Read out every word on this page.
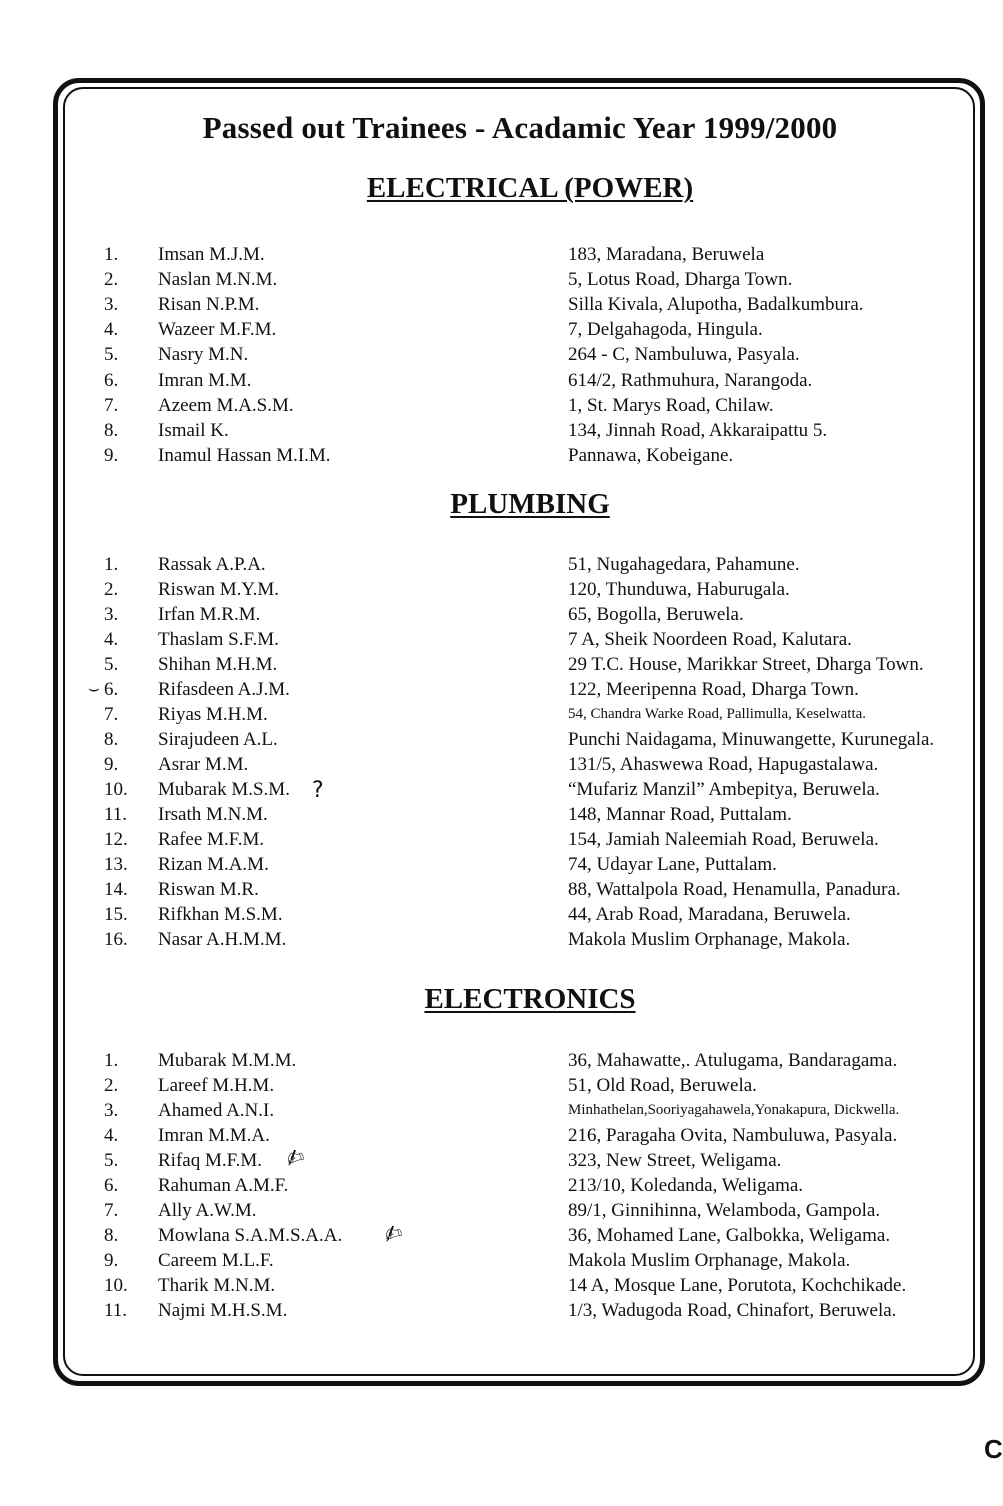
Passed out Trainees - Acadamic Year 1999/2000
ELECTRICAL (POWER)
1.	Imsan M.J.M.	183, Maradana, Beruwela
2.	Naslan M.N.M.	5, Lotus Road, Dharga Town.
3.	Risan N.P.M.	Silla Kivala, Alupotha, Badalkumbura.
4.	Wazeer M.F.M.	7, Delgahagoda, Hingula.
5.	Nasry M.N.	264 - C, Nambuluwa, Pasyala.
6.	Imran M.M.	614/2, Rathmuhura, Narangoda.
7.	Azeem M.A.S.M.	1, St. Marys Road, Chilaw.
8.	Ismail K.	134, Jinnah Road, Akkaraipattu 5.
9.	Inamul Hassan M.I.M.	Pannawa, Kobeigane.
PLUMBING
1.	Rassak A.P.A.	51, Nugahagedara, Pahamune.
2.	Riswan M.Y.M.	120, Thunduwa, Haburugala.
3.	Irfan M.R.M.	65, Bogolla, Beruwela.
4.	Thaslam S.F.M.	7 A, Sheik Noordeen Road, Kalutara.
5.	Shihan M.H.M.	29 T.C. House, Marikkar Street, Dharga Town.
6.	Rifasdeen A.J.M.	122, Meeripenna Road, Dharga Town.
7.	Riyas M.H.M.	54, Chandra Warke Road, Pallimulla, Keselwatta.
8.	Sirajudeen A.L.	Punchi Naidagama, Minuwangette, Kurunegala.
9.	Asrar M.M.	131/5, Ahaswewa Road, Hapugastalawa.
10.	Mubarak M.S.M.	“Mufariz Manzil” Ambepitya, Beruwela.
11.	Irsath M.N.M.	148, Mannar Road, Puttalam.
12.	Rafee M.F.M.	154, Jamiah Naleemiah Road, Beruwela.
13.	Rizan M.A.M.	74, Udayar Lane, Puttalam.
14.	Riswan M.R.	88, Wattalpola Road, Henamulla, Panadura.
15.	Rifkhan M.S.M.	44, Arab Road, Maradana, Beruwela.
16.	Nasar A.H.M.M.	Makola Muslim Orphanage, Makola.
ELECTRONICS
1.	Mubarak M.M.M.	36, Mahawatte,. Atulugama, Bandaragama.
2.	Lareef M.H.M.	51, Old Road, Beruwela.
3.	Ahamed A.N.I.	Minhathelan,Sooriyagahawela,Yonakapura, Dickwella.
4.	Imran M.M.A.	216, Paragaha Ovita, Nambuluwa, Pasyala.
5.	Rifaq M.F.M.	323, New Street, Weligama.
6.	Rahuman A.M.F.	213/10, Koledanda, Weligama.
7.	Ally A.W.M.	89/1, Ginnihinna, Welamboda, Gampola.
8.	Mowlana S.A.M.S.A.A.	36, Mohamed Lane, Galbokka, Weligama.
9.	Careem M.L.F.	Makola Muslim Orphanage, Makola.
10.	Tharik M.N.M.	14 A, Mosque Lane, Porutota, Kochchikade.
11.	Najmi M.H.S.M.	1/3, Wadugoda Road, Chinafort, Beruwela.
?
✍
✍
⌣
C
